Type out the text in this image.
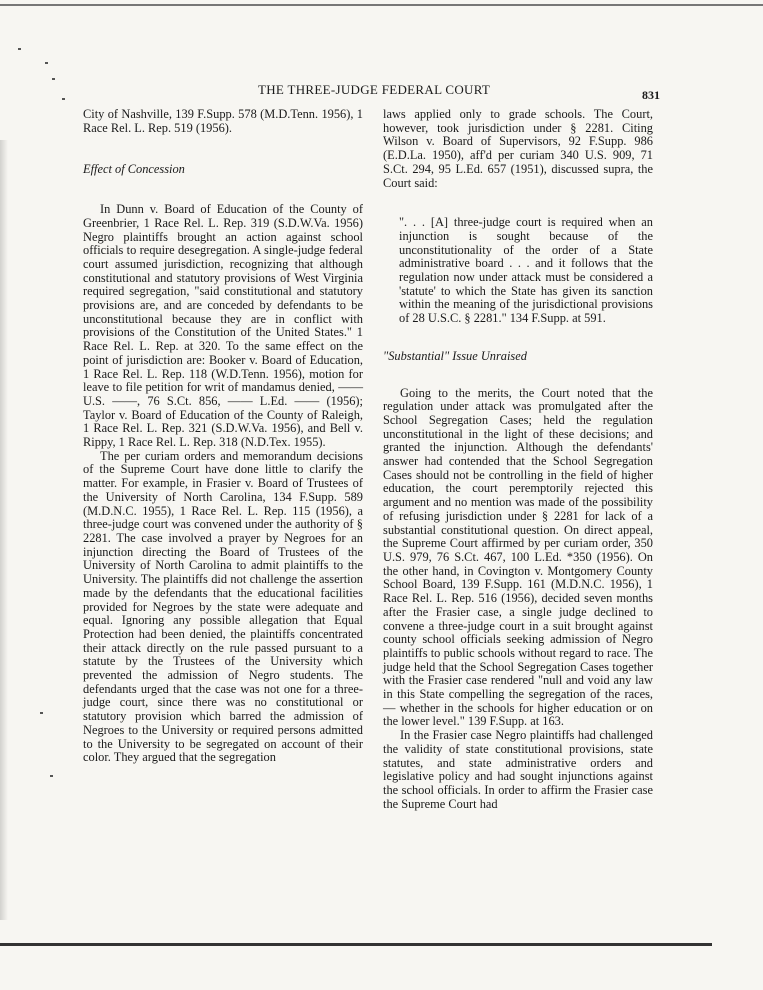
THE THREE-JUDGE FEDERAL COURT	831

City of Nashville, 139 F.Supp. 578 (M.D.Tenn. 1956), 1 Race Rel. L. Rep. 519 (1956).

Effect of Concession

In Dunn v. Board of Education of the County of Greenbrier, 1 Race Rel. L. Rep. 319 (S.D.W.Va. 1956) Negro plaintiffs brought an action against school officials to require desegregation. A single-judge federal court assumed jurisdiction, recognizing that although constitutional and statutory provisions of West Virginia required segregation, "said constitutional and statutory provisions are, and are conceded by defendants to be unconstitutional because they are in conflict with provisions of the Constitution of the United States." 1 Race Rel. L. Rep. at 320. To the same effect on the point of jurisdiction are: Booker v. Board of Education, 1 Race Rel. L. Rep. 118 (W.D.Tenn. 1956), motion for leave to file petition for writ of mandamus denied, —— U.S. ——, 76 S.Ct. 856, —— L.Ed. —— (1956); Taylor v. Board of Education of the County of Raleigh, 1 Race Rel. L. Rep. 321 (S.D.W.Va. 1956), and Bell v. Rippy, 1 Race Rel. L. Rep. 318 (N.D.Tex. 1955).

The per curiam orders and memorandum decisions of the Supreme Court have done little to clarify the matter. For example, in Frasier v. Board of Trustees of the University of North Carolina, 134 F.Supp. 589 (M.D.N.C. 1955), 1 Race Rel. L. Rep. 115 (1956), a three-judge court was convened under the authority of § 2281. The case involved a prayer by Negroes for an injunction directing the Board of Trustees of the University of North Carolina to admit plaintiffs to the University. The plaintiffs did not challenge the assertion made by the defendants that the educational facilities provided for Negroes by the state were adequate and equal. Ignoring any possible allegation that Equal Protection had been denied, the plaintiffs concentrated their attack directly on the rule passed pursuant to a statute by the Trustees of the University which prevented the admission of Negro students. The defendants urged that the case was not one for a three-judge court, since there was no constitutional or statutory provision which barred the admission of Negroes to the University or required persons admitted to the University to be segregated on account of their color. They argued that the segregation

laws applied only to grade schools. The Court, however, took jurisdiction under § 2281. Citing Wilson v. Board of Supervisors, 92 F.Supp. 986 (E.D.La. 1950), aff'd per curiam 340 U.S. 909, 71 S.Ct. 294, 95 L.Ed. 657 (1951), discussed supra, the Court said:

". . . [A] three-judge court is required when an injunction is sought because of the unconstitutionality of the order of a State administrative board . . . and it follows that the regulation now under attack must be considered a 'statute' to which the State has given its sanction within the meaning of the jurisdictional provisions of 28 U.S.C. § 2281." 134 F.Supp. at 591.

"Substantial" Issue Unraised

Going to the merits, the Court noted that the regulation under attack was promulgated after the School Segregation Cases; held the regulation unconstitutional in the light of these decisions; and granted the injunction. Although the defendants' answer had contended that the School Segregation Cases should not be controlling in the field of higher education, the court peremptorily rejected this argument and no mention was made of the possibility of refusing jurisdiction under § 2281 for lack of a substantial constitutional question. On direct appeal, the Supreme Court affirmed by per curiam order, 350 U.S. 979, 76 S.Ct. 467, 100 L.Ed. *350 (1956). On the other hand, in Covington v. Montgomery County School Board, 139 F.Supp. 161 (M.D.N.C. 1956), 1 Race Rel. L. Rep. 516 (1956), decided seven months after the Frasier case, a single judge declined to convene a three-judge court in a suit brought against county school officials seeking admission of Negro plaintiffs to public schools without regard to race. The judge held that the School Segregation Cases together with the Frasier case rendered "null and void any law in this State compelling the segregation of the races,— whether in the schools for higher education or on the lower level." 139 F.Supp. at 163.

In the Frasier case Negro plaintiffs had challenged the validity of state constitutional provisions, state statutes, and state administrative orders and legislative policy and had sought injunctions against the school officials. In order to affirm the Frasier case the Supreme Court had
